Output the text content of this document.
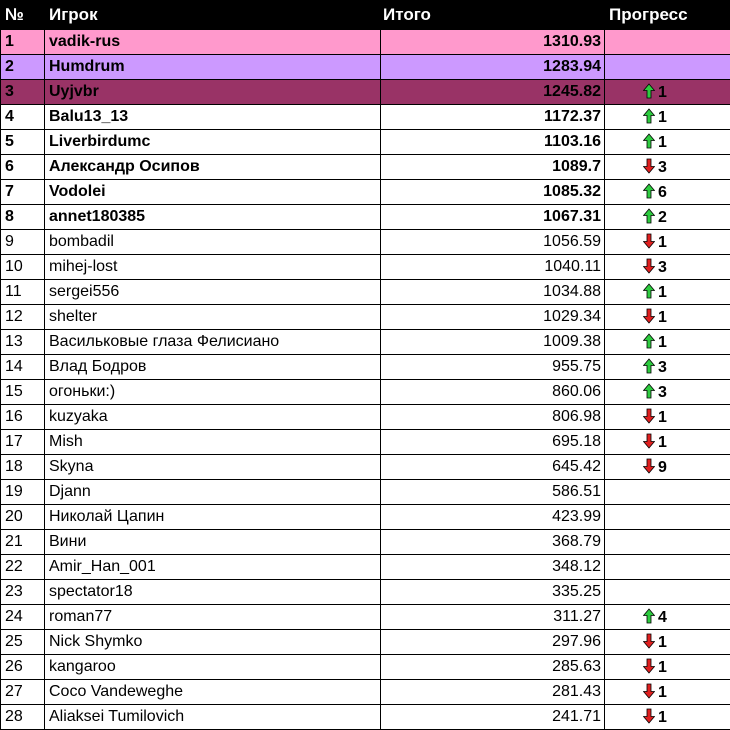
№	Игрок	Итого	Прогресс
1	vadik-rus	1310.93	
2	Humdrum	1283.94	
3	Uyjvbr	1245.82	1
4	Balu13_13	1172.37	1
5	Liverbirdumc	1103.16	1
6	Александр Осипов	1089.7	3
7	Vodolei	1085.32	6
8	annet180385	1067.31	2
9	bombadil	1056.59	1
10	mihej-lost	1040.11	3
11	sergei556	1034.88	1
12	shelter	1029.34	1
13	Васильковые глаза Фелисиано	1009.38	1
14	Влад Бодров	955.75	3
15	огоньки:)	860.06	3
16	kuzyaka	806.98	1
17	Mish	695.18	1
18	Skyna	645.42	9
19	Djann	586.51	
20	Николай Цапин	423.99	
21	Вини	368.79	
22	Amir_Han_001	348.12	
23	spectator18	335.25	
24	roman77	311.27	4
25	Nick Shymko	297.96	1
26	kangaroo	285.63	1
27	Coco Vandeweghe	281.43	1
28	Aliaksei Tumilovich	241.71	1
